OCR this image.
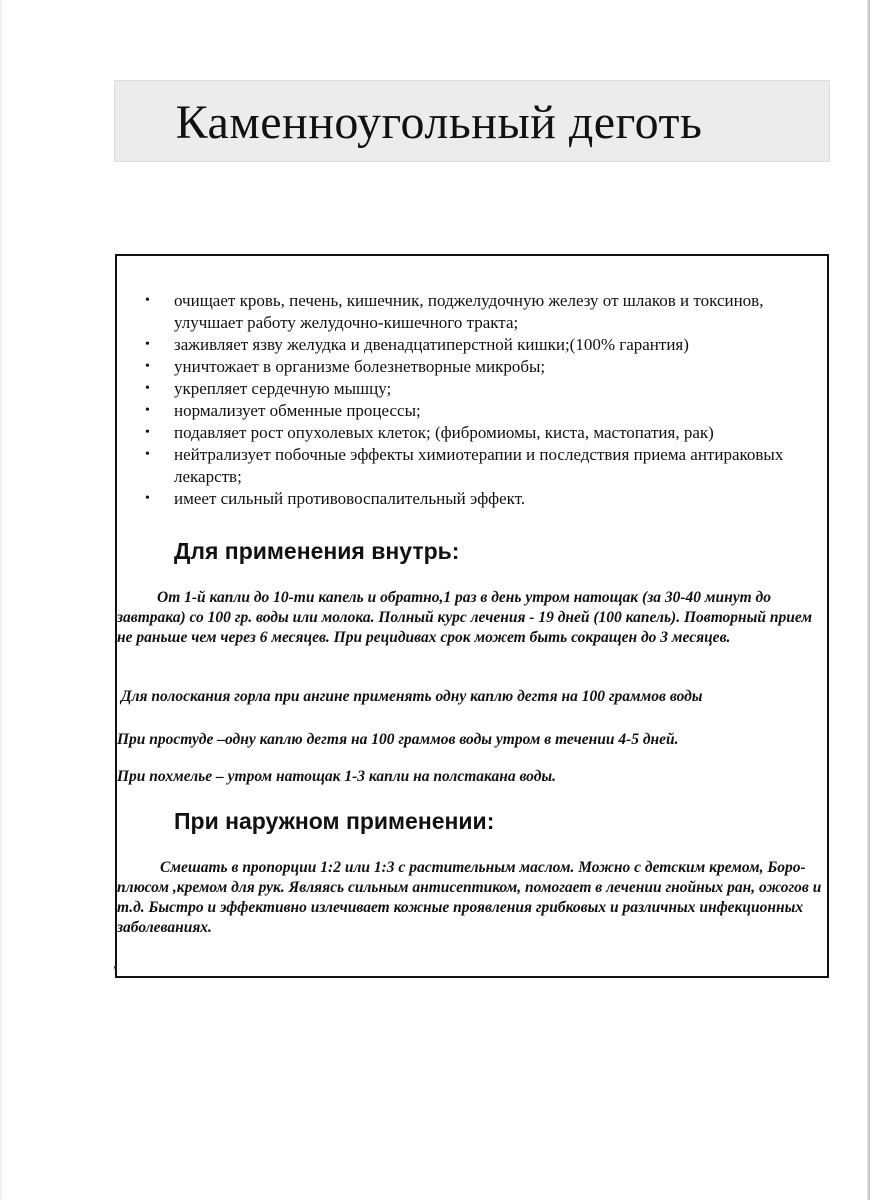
Каменноугольный деготь
• очищает кровь, печень, кишечник, поджелудочную железу от шлаков и токсинов, улучшает работу желудочно-кишечного тракта;
• заживляет язву желудка и двенадцатиперстной кишки;(100% гарантия)
• уничтожает в организме болезнетворные микробы;
• укрепляет сердечную мышцу;
• нормализует обменные процессы;
• подавляет рост опухолевых клеток; (фибромиомы, киста, мастопатия, рак)
• нейтрализует побочные эффекты химиотерапии и последствия приема антираковых лекарств;
• имеет сильный противовоспалительный эффект.
Для применения внутрь:

От 1-й капли до 10-ти капель и обратно,1 раз в день утром натощак (за 30-40 минут до завтрака) со 100 гр. воды или молока. Полный курс лечения - 19 дней (100 капель). Повторный прием не раньше чем через 6 месяцев. При рецидивах срок может быть сокращен до 3 месяцев.

Для полоскания горла при ангине применять одну каплю дегтя на 100 граммов воды

При простуде –одну каплю дегтя на 100 граммов воды утром в течении 4-5 дней.

При похмелье – утром натощак 1-3 капли на полстакана воды.

При наружном применении:

Смешать в пропорции 1:2 или 1:3 с растительным маслом. Можно с детским кремом, Боро-плюсом ,кремом для рук. Являясь сильным антисептиком, помогает в лечении гнойных ран, ожогов и т.д. Быстро и эффективно излечивает кожные проявления грибковых и различных инфекционных заболеваниях.
